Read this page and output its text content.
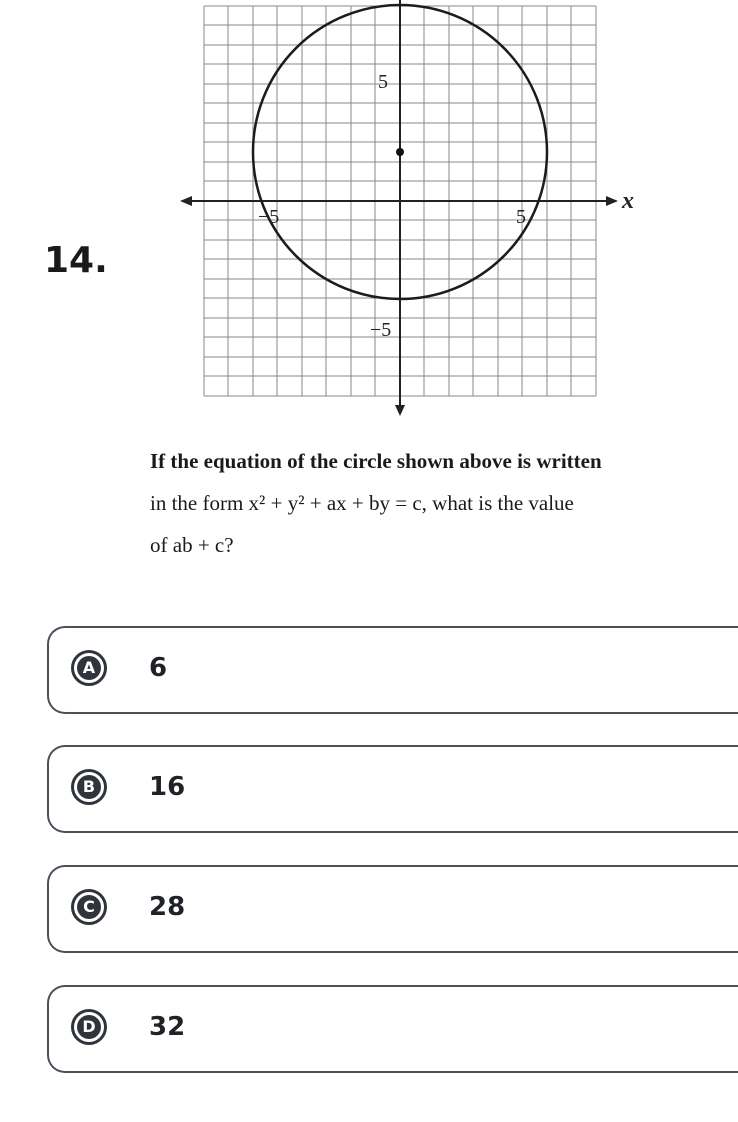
14.
5
−5	5
−5
x
If the equation of the circle shown above is written
in the form x² + y² + ax + by = c, what is the value
of ab + c?
A 6
B 16
C 28
D 32
